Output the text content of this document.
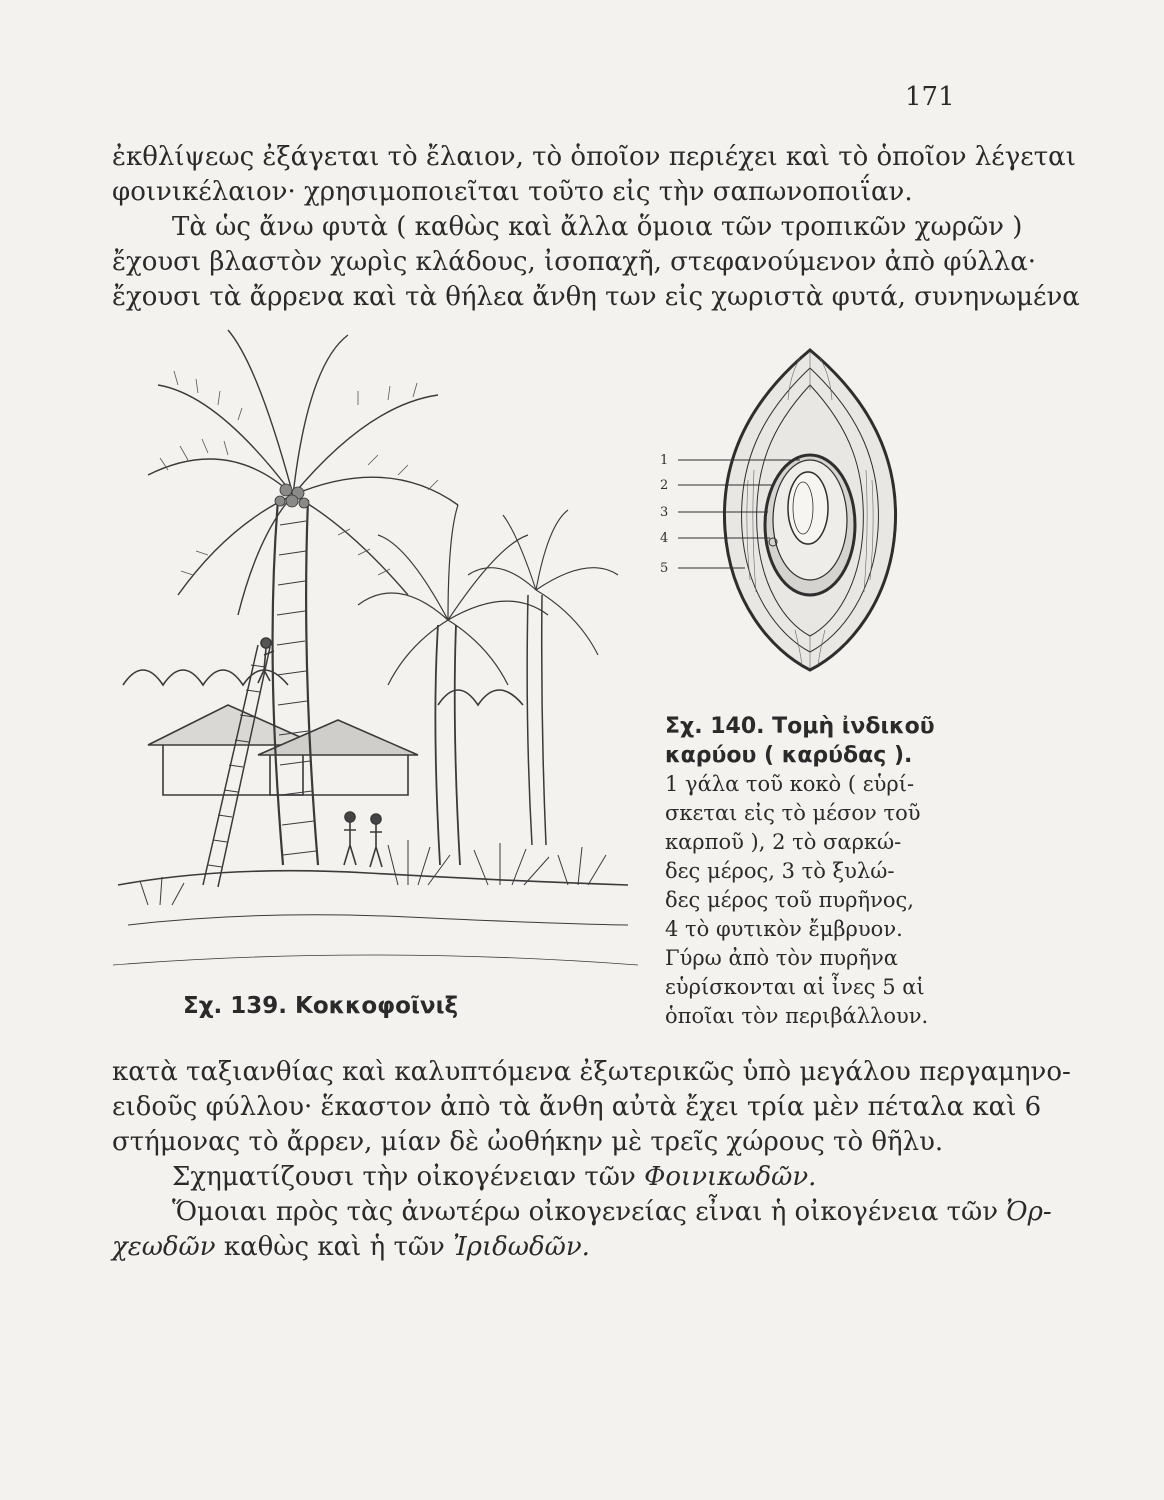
171

ἐκθλίψεως ἐξάγεται τὸ ἔλαιον, τὸ ὁποῖον περιέχει καὶ τὸ ὁποῖον λέγεται
φοινικέλαιον· χρησιμοποιεῖται τοῦτο εἰς τὴν σαπωνοποιΐαν.

Τὰ ὡς ἄνω φυτὰ ( καθὼς καὶ ἄλλα ὅμοια τῶν τροπικῶν χωρῶν )
ἔχουσι βλαστὸν χωρὶς κλάδους, ἰσοπαχῆ, στεφανούμενον ἀπὸ φύλλα·
ἔχουσι τὰ ἄρρενα καὶ τὰ θήλεα ἄνθη των εἰς χωριστὰ φυτά, συνηνωμένα

Σχ. 139. Κοκκοφοῖνιξ
1
2
3
4
5
Σχ. 140. Τομὴ ἰνδικοῦ
καρύου ( καρύδας ).
1 γάλα τοῦ κοκὸ ( εὑρί-
σκεται εἰς τὸ μέσον τοῦ
καρποῦ ), 2 τὸ σαρκώ-
δες μέρος, 3 τὸ ξυλώ-
δες μέρος τοῦ πυρῆνος,
4 τὸ φυτικὸν ἔμβρυον.
Γύρω ἀπὸ τὸν πυρῆνα
εὑρίσκονται αἱ ἶνες 5 αἱ
ὁποῖαι τὸν περιβάλλουν.

κατὰ ταξιανθίας καὶ καλυπτόμενα ἐξωτερικῶς ὑπὸ μεγάλου περγαμηνο-
ειδοῦς φύλλου· ἕκαστον ἀπὸ τὰ ἄνθη αὐτὰ ἔχει τρία μὲν πέταλα καὶ 6
στήμονας τὸ ἄρρεν, μίαν δὲ ὠοθήκην μὲ τρεῖς χώρους τὸ θῆλυ.
Σχηματίζουσι τὴν οἰκογένειαν τῶν Φοινικωδῶν.
Ὅμοιαι πρὸς τὰς ἀνωτέρω οἰκογενείας εἶναι ἡ οἰκογένεια τῶν Ὀρ-
χεωδῶν καθὼς καὶ ἡ τῶν Ἰριδωδῶν.
